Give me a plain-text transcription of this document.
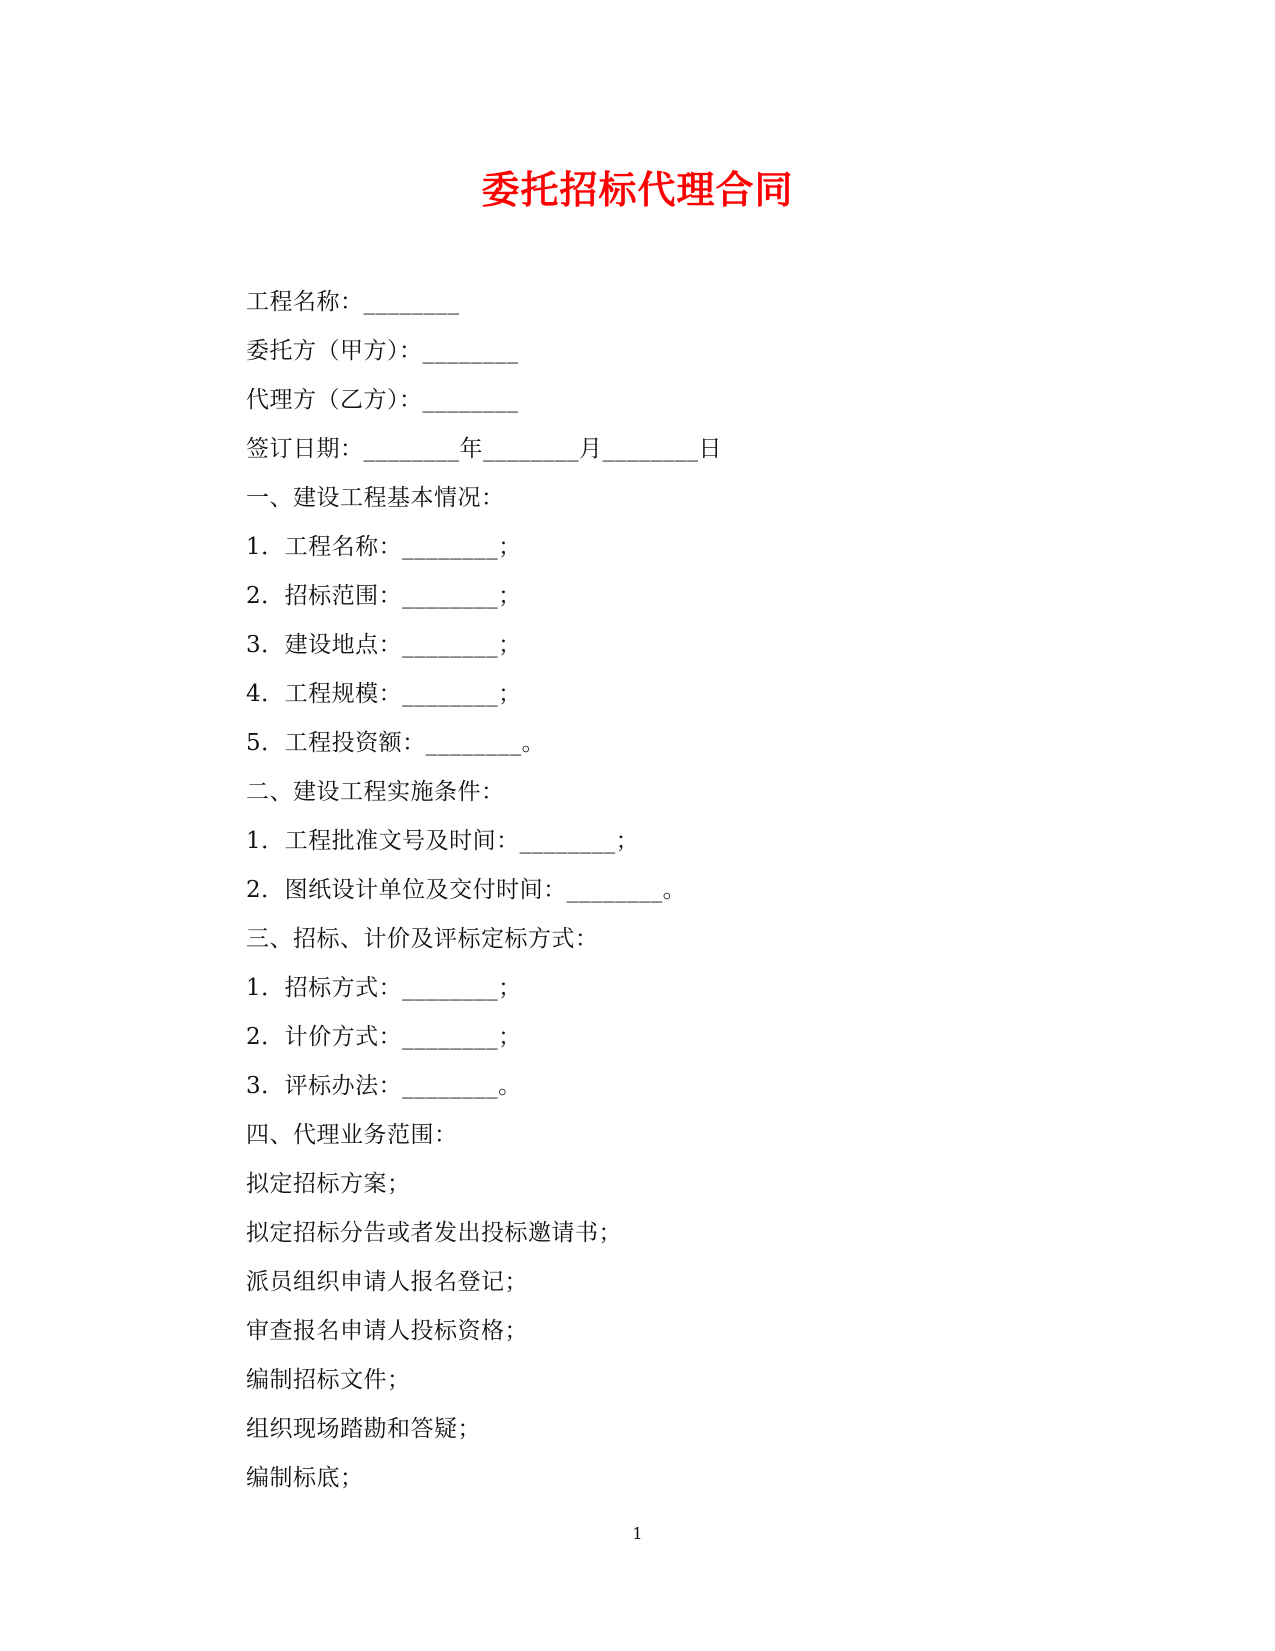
委托招标代理合同
工程名称：________
委托方（甲方）：________
代理方（乙方）：________
签订日期：________年________月________日
一、建设工程基本情况：
1．工程名称：________；
2．招标范围：________；
3．建设地点：________；
4．工程规模：________；
5．工程投资额：________。
二、建设工程实施条件：
1．工程批准文号及时间：________；
2．图纸设计单位及交付时间：________。
三、招标、计价及评标定标方式：
1．招标方式：________；
2．计价方式：________；
3．评标办法：________。
四、代理业务范围：
拟定招标方案；
拟定招标分告或者发出投标邀请书；
派员组织申请人报名登记；
审查报名申请人投标资格；
编制招标文件；
组织现场踏勘和答疑；
编制标底；
1
